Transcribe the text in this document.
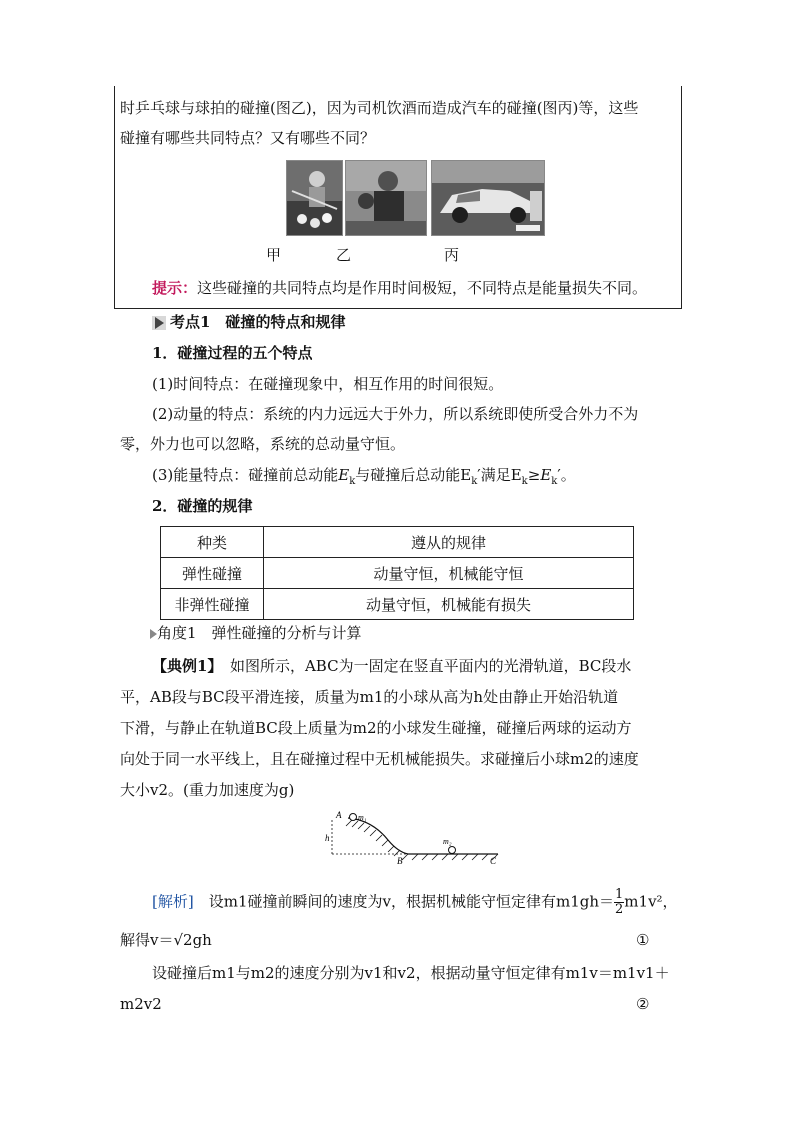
时乒乓球与球拍的碰撞(图乙)，因为司机饮酒而造成汽车的碰撞(图丙)等，这些
碰撞有哪些共同特点？又有哪些不同？
甲	乙	丙
提示：这些碰撞的共同特点均是作用时间极短，不同特点是能量损失不同。
考点1　碰撞的特点和规律
1．碰撞过程的五个特点
(1)时间特点：在碰撞现象中，相互作用的时间很短。
(2)动量的特点：系统的内力远远大于外力，所以系统即使所受合外力不为
零，外力也可以忽略，系统的总动量守恒。
(3)能量特点：碰撞前总动能$E_k$与碰撞后总动能$E_k'$满足$E_k\ge E_k'$。
2．碰撞的规律
种类	遵从的规律
弹性碰撞	动量守恒，机械能守恒
非弹性碰撞	动量守恒，机械能有损失
角度1　弹性碰撞的分析与计算
【典例1】　 如图所示，ABC为一固定在竖直平面内的光滑轨道，BC段水
平，AB段与BC段平滑连接，质量为m1的小球从高为h处由静止开始沿轨道
下滑，与静止在轨道BC段上质量为m2的小球发生碰撞，碰撞后两球的运动方
向处于同一水平线上，且在碰撞过程中无机械能损失。求碰撞后小球m2的速度
大小v2。(重力加速度为g)
A m₁
h	m₂
B	C
[解析]　 设m1碰撞前瞬间的速度为v，根据机械能守恒定律有$m1gh= \frac{1}{2} m1v^2$，
解得v＝√2gh	①
设碰撞后m1与m2的速度分别为v1和v2，根据动量守恒定律有m1v＝m1v1＋
m2v2	②
